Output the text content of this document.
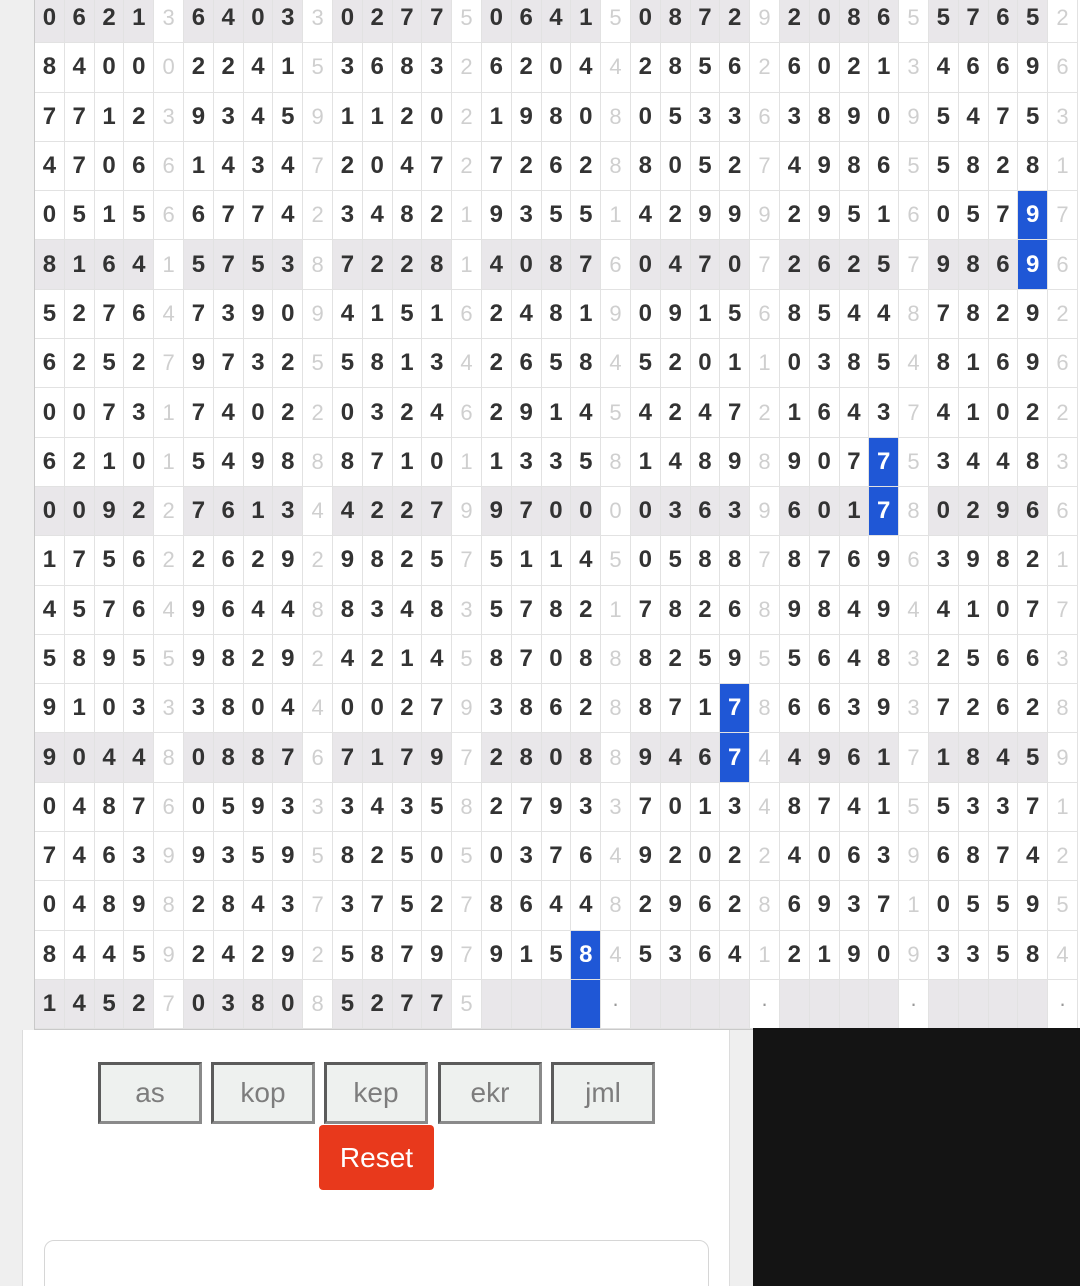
0 6 2 1 3 6 4 0 3 3 0 2 7 7 5 0 6 4 1 5 0 8 7 2 9 2 0 8 6 5 5 7 6 5 2
8 4 0 0 0 2 2 4 1 5 3 6 8 3 2 6 2 0 4 4 2 8 5 6 2 6 0 2 1 3 4 6 6 9 6
7 7 1 2 3 9 3 4 5 9 1 1 2 0 2 1 9 8 0 8 0 5 3 3 6 3 8 9 0 9 5 4 7 5 3
4 7 0 6 6 1 4 3 4 7 2 0 4 7 2 7 2 6 2 8 8 0 5 2 7 4 9 8 6 5 5 8 2 8 1
0 5 1 5 6 6 7 7 4 2 3 4 8 2 1 9 3 5 5 1 4 2 9 9 9 2 9 5 1 6 0 5 7 9 7
8 1 6 4 1 5 7 5 3 8 7 2 2 8 1 4 0 8 7 6 0 4 7 0 7 2 6 2 5 7 9 8 6 9 6
5 2 7 6 4 7 3 9 0 9 4 1 5 1 6 2 4 8 1 9 0 9 1 5 6 8 5 4 4 8 7 8 2 9 2
6 2 5 2 7 9 7 3 2 5 5 8 1 3 4 2 6 5 8 4 5 2 0 1 1 0 3 8 5 4 8 1 6 9 6
0 0 7 3 1 7 4 0 2 2 0 3 2 4 6 2 9 1 4 5 4 2 4 7 2 1 6 4 3 7 4 1 0 2 2
6 2 1 0 1 5 4 9 8 8 8 7 1 0 1 1 3 3 5 8 1 4 8 9 8 9 0 7 7 5 3 4 4 8 3
0 0 9 2 2 7 6 1 3 4 4 2 2 7 9 9 7 0 0 0 0 3 6 3 9 6 0 1 7 8 0 2 9 6 6
1 7 5 6 2 2 6 2 9 2 9 8 2 5 7 5 1 1 4 5 0 5 8 8 7 8 7 6 9 6 3 9 8 2 1
4 5 7 6 4 9 6 4 4 8 8 3 4 8 3 5 7 8 2 1 7 8 2 6 8 9 8 4 9 4 4 1 0 7 7
5 8 9 5 5 9 8 2 9 2 4 2 1 4 5 8 7 0 8 8 8 2 5 9 5 5 6 4 8 3 2 5 6 6 3
9 1 0 3 3 3 8 0 4 4 0 0 2 7 9 3 8 6 2 8 8 7 1 7 8 6 6 3 9 3 7 2 6 2 8
9 0 4 4 8 0 8 8 7 6 7 1 7 9 7 2 8 0 8 8 9 4 6 7 4 4 9 6 1 7 1 8 4 5 9
0 4 8 7 6 0 5 9 3 3 3 4 3 5 8 2 7 9 3 3 7 0 1 3 4 8 7 4 1 5 5 3 3 7 1
7 4 6 3 9 9 3 5 9 5 8 2 5 0 5 0 3 7 6 4 9 2 0 2 2 4 0 6 3 9 6 8 7 4 2
0 4 8 9 8 2 8 4 3 7 3 7 5 2 7 8 6 4 4 8 2 9 6 2 8 6 9 3 7 1 0 5 5 9 5
8 4 4 5 9 2 4 2 9 2 5 8 7 9 7 9 1 5 8 4 5 3 6 4 1 2 1 9 0 9 3 3 5 8 4
1 4 5 2 7 0 3 8 0 8 5 2 7 7 5	·	·	·	·
as	kop	kep	ekr	jml
Reset
